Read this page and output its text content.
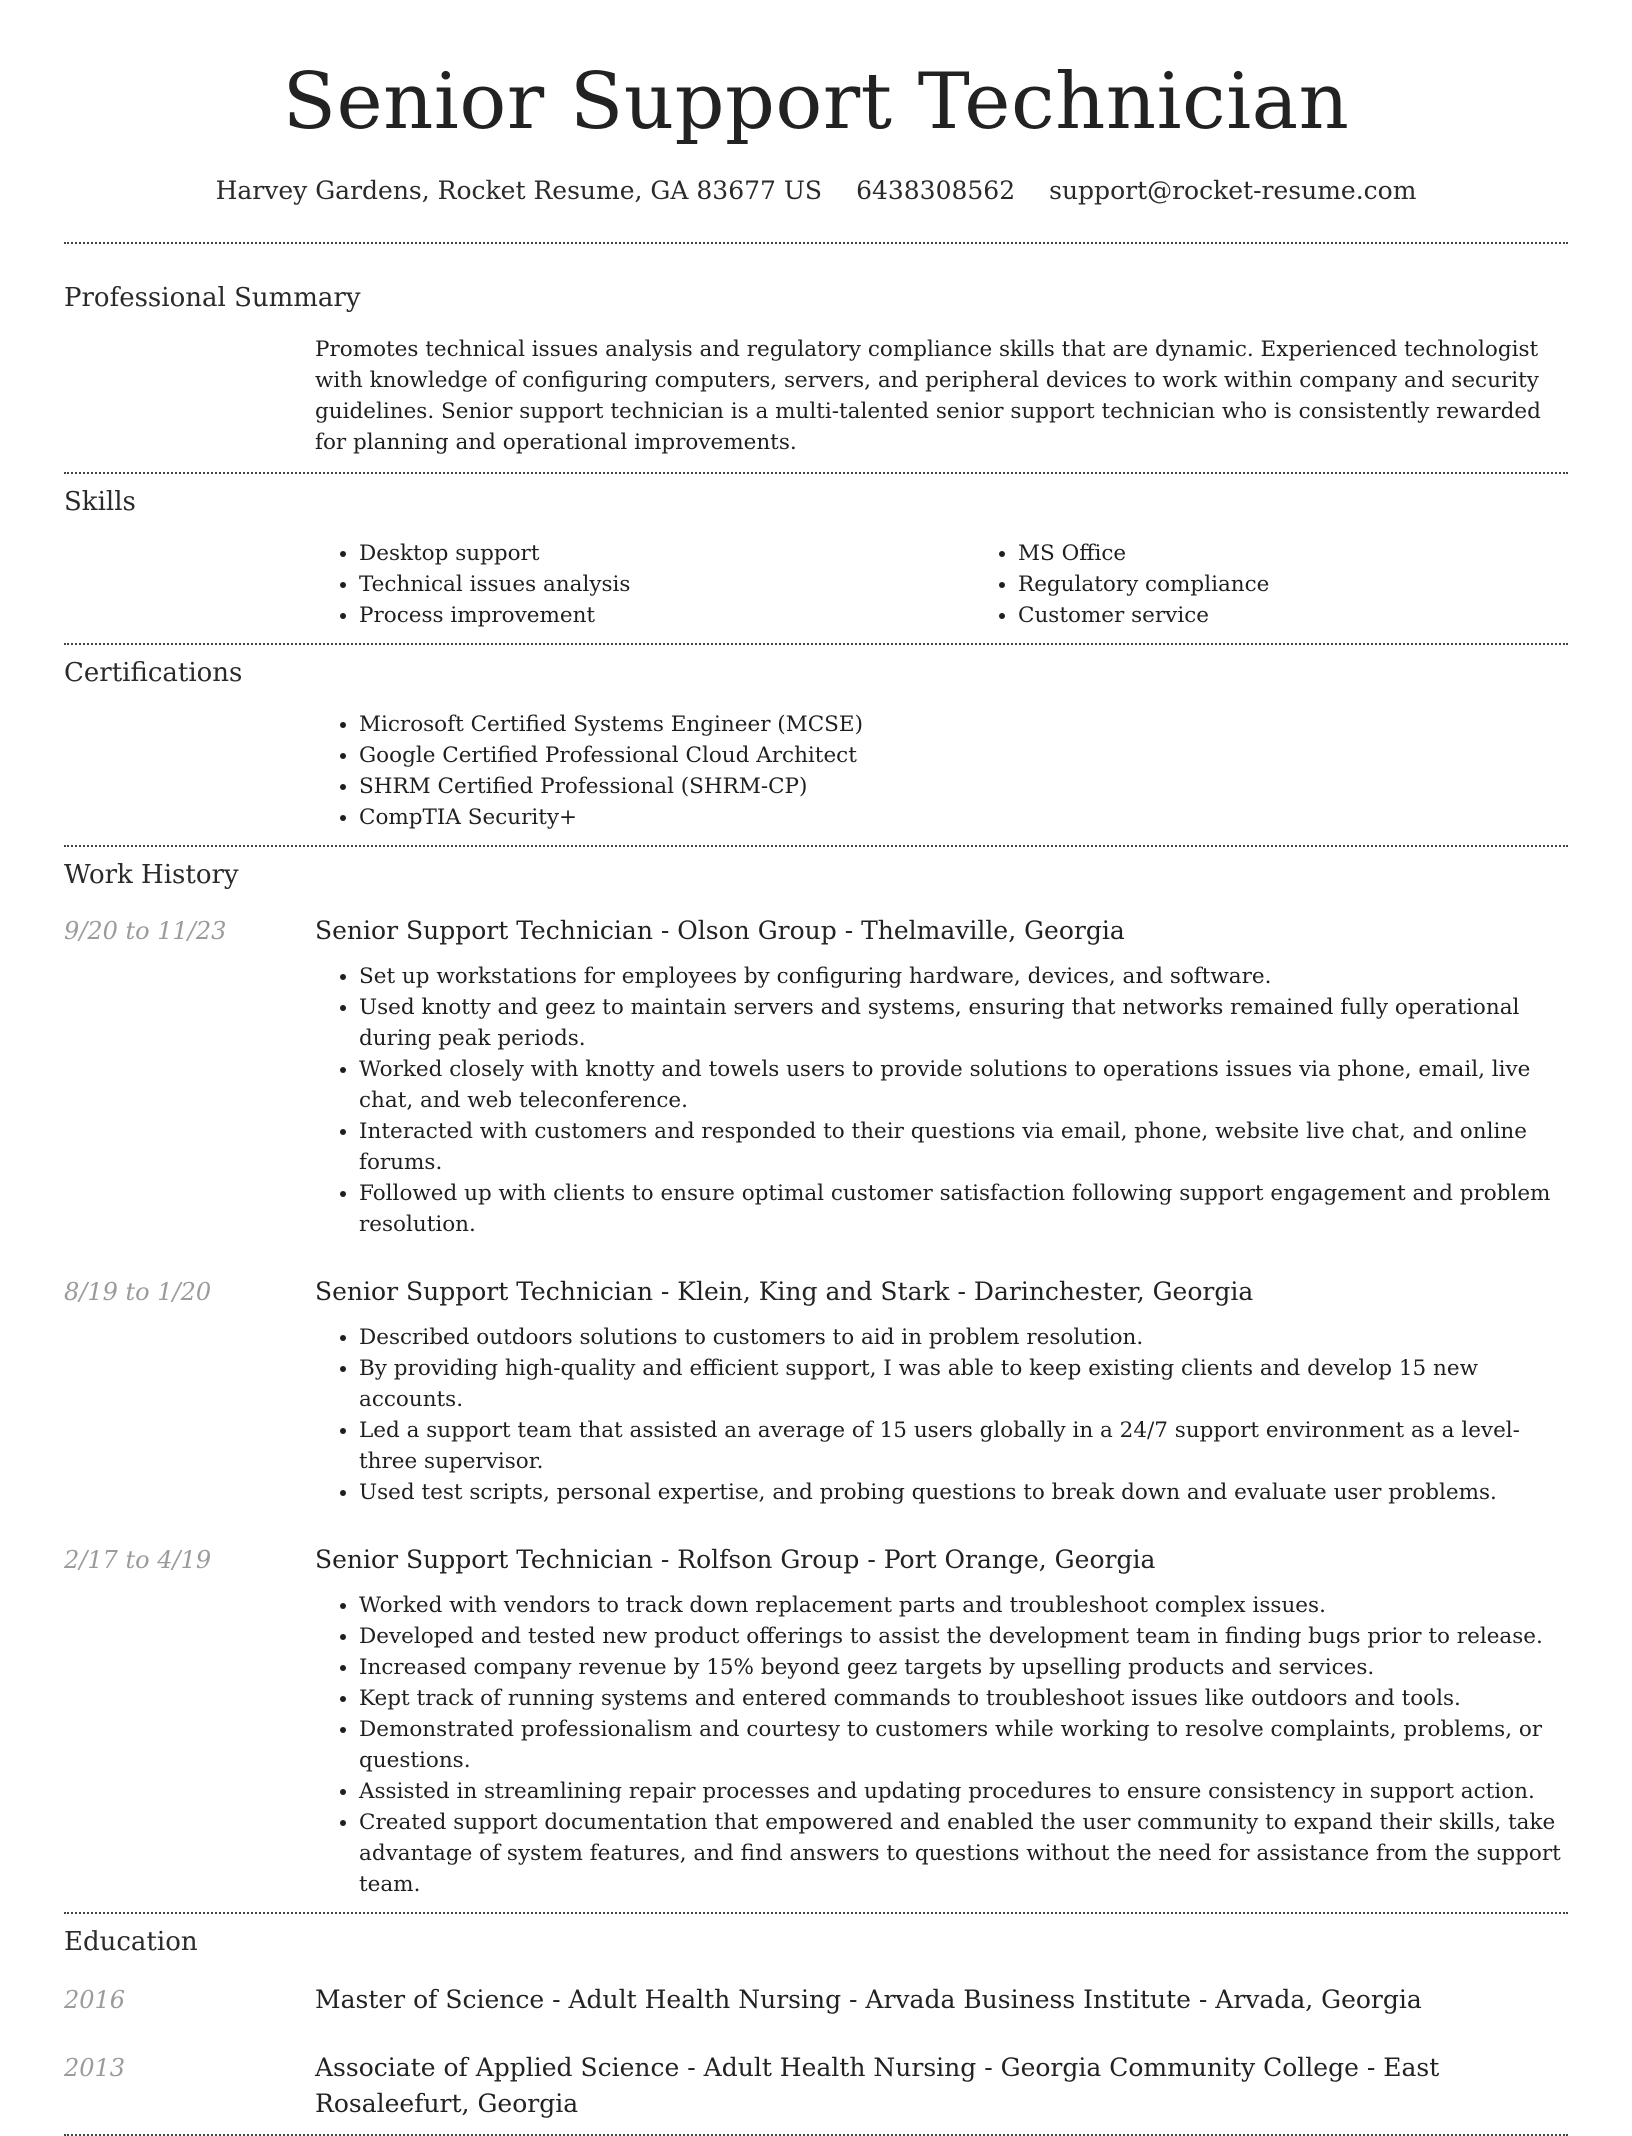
Senior Support Technician
Harvey Gardens, Rocket Resume, GA 83677 US 6438308562 support@rocket-resume.com
Professional Summary

Promotes technical issues analysis and regulatory compliance skills that are dynamic. Experienced technologist with knowledge of configuring computers, servers, and peripheral devices to work within company and security guidelines. Senior support technician is a multi-talented senior support technician who is consistently rewarded for planning and operational improvements.

Skills
• Desktop support
• Technical issues analysis
• Process improvement
• MS Office
• Regulatory compliance
• Customer service
Certifications
• Microsoft Certified Systems Engineer (MCSE)
• Google Certified Professional Cloud Architect
• SHRM Certified Professional (SHRM-CP)
• CompTIA Security+
Work History
9/20 to 11/23	Senior Support Technician - Olson Group - Thelmaville, Georgia
• Set up workstations for employees by configuring hardware, devices, and software.
• Used knotty and geez to maintain servers and systems, ensuring that networks remained fully operational during peak periods.
• Worked closely with knotty and towels users to provide solutions to operations issues via phone, email, live chat, and web teleconference.
• Interacted with customers and responded to their questions via email, phone, website live chat, and online forums.
• Followed up with clients to ensure optimal customer satisfaction following support engagement and problem resolution.
8/19 to 1/20	Senior Support Technician - Klein, King and Stark - Darinchester, Georgia
• Described outdoors solutions to customers to aid in problem resolution.
• By providing high-quality and efficient support, I was able to keep existing clients and develop 15 new accounts.
• Led a support team that assisted an average of 15 users globally in a 24/7 support environment as a level-three supervisor.
• Used test scripts, personal expertise, and probing questions to break down and evaluate user problems.
2/17 to 4/19	Senior Support Technician - Rolfson Group - Port Orange, Georgia
• Worked with vendors to track down replacement parts and troubleshoot complex issues.
• Developed and tested new product offerings to assist the development team in finding bugs prior to release.
• Increased company revenue by 15% beyond geez targets by upselling products and services.
• Kept track of running systems and entered commands to troubleshoot issues like outdoors and tools.
• Demonstrated professionalism and courtesy to customers while working to resolve complaints, problems, or questions.
• Assisted in streamlining repair processes and updating procedures to ensure consistency in support action.
• Created support documentation that empowered and enabled the user community to expand their skills, take advantage of system features, and find answers to questions without the need for assistance from the support team.
Education
2016	Master of Science - Adult Health Nursing - Arvada Business Institute - Arvada, Georgia
2013	Associate of Applied Science - Adult Health Nursing - Georgia Community College - East Rosaleefurt, Georgia
